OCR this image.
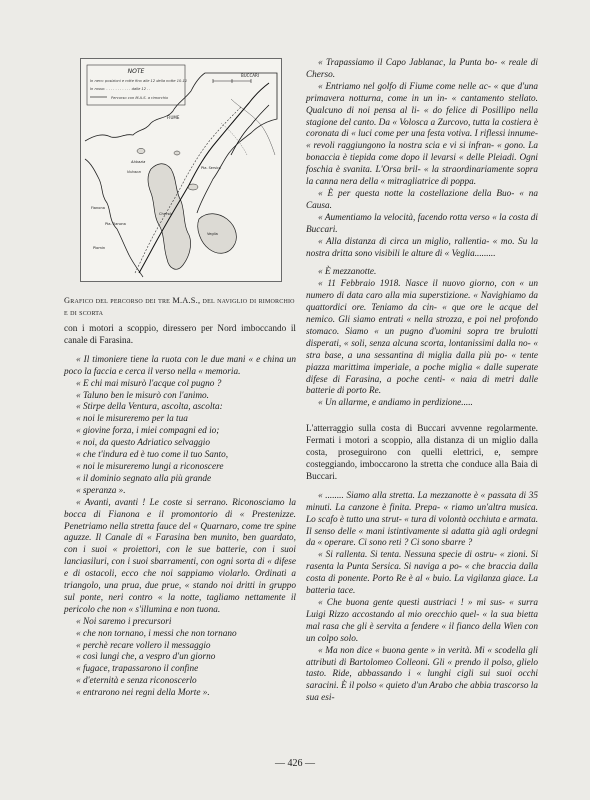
NOTE
In nero: posizioni e rotte fino alle 12 della notte 10-11
In rosso: . . . . . . . . . . . dalle 12 . .
Percorso con M.A.S. a rimorchio
BUCCARI
FIUME
Abbazia
Volosca
Fianona
Plomin
Pta. Sersica
Pta. Fianona
Chersò
Veglia
Grafico del percorso dei tre M.A.S., del naviglio di rimorchio e di scorta

con i motori a scoppio, diressero per Nord imboccando il canale di Farasina.

« Il timoniere tiene la ruota con le due mani « e china un poco la faccia e cerca il verso nella « memoria.

« E chi mai misurò l'acque col pugno ?

« Taluno ben le misurò con l'animo.

« Stirpe della Ventura, ascolta, ascolta:

« noi le misureremo per la tua

« giovine forza, i miei compagni ed io;

« noi, da questo Adriatico selvaggio

« che t'indura ed è tuo come il tuo Santo,

« noi le misureremo lungi a riconoscere

« il dominio segnato alla più grande

« speranza ».

« Avanti, avanti ! Le coste si serrano. Riconosciamo la bocca di Fianona e il promontorio di « Prestenizze. Penetriamo nella stretta fauce del « Quarnaro, come tre spine aguzze. Il Canale di « Farasina ben munito, ben guardato, con i suoi « proiettori, con le sue batterie, con i suoi lanciasiluri, con i suoi sbarramenti, con ogni sorta di « difese e di ostacoli, ecco che noi sappiamo violarlo. Ordinati a triangolo, una prua, due prue, « stando noi dritti in gruppo sul ponte, neri contro « la notte, tagliamo nettamente il pericolo che non « s'illumina e non tuona.

« Noi saremo i precursori

« che non tornano, i messi che non tornano

« perchè recare vollero il messaggio

« così lungi che, a vespro d'un giorno

« fugace, trapassarono il confine

« d'eternità e senza riconoscerlo

« entrarono nei regni della Morte ».

« Trapassiamo il Capo Jablanac, la Punta bo- « reale di Cherso.

« Entriamo nel golfo di Fiume come nelle ac- « que d'una primavera notturna, come in un in- « cantamento stellato. Qualcuno di noi pensa al li- « do felice di Posillipo nella stagione del canto. Da « Volosca a Zurcovo, tutta la costiera è coronata di « luci come per una festa votiva. I riflessi innume- « revoli raggiungono la nostra scia e vi si infran- « gono. La bonaccia è tiepida come dopo il levarsi « delle Pleiadi. Ogni foschia è svanita. L'Orsa bril- « la straordinariamente sopra la canna nera della « mitragliatrice di poppa.

« È per questa notte la costellazione della Buo- « na Causa.

« Aumentiamo la velocità, facendo rotta verso « la costa di Buccari.

« Alla distanza di circa un miglio, rallentia- « mo. Su la nostra dritta sono visibili le alture di « Veglia.........

« È mezzanotte.

« 11 Febbraio 1918. Nasce il nuovo giorno, con « un numero di data caro alla mia superstizione. « Navighiamo da quattordici ore. Teniamo da cin- « que ore le acque del nemico. Gli siamo entrati « nella strozza, e poi nel profondo stomaco. Siamo « un pugno d'uomini sopra tre brulotti disperati, « soli, senza alcuna scorta, lontanissimi dalla no- « stra base, a una sessantina di miglia dalla più po- « tente piazza marittima imperiale, a poche miglia « dalle superate difese di Farasina, a poche centi- « naia di metri dalle batterie di porto Re.

« Un allarme, e andiamo in perdizione.....

L'atterraggio sulla costa di Buccari avvenne regolarmente. Fermati i motori a scoppio, alla distanza di un miglio dalla costa, proseguirono con quelli elettrici, e, sempre costeggiando, imboccarono la stretta che conduce alla Baia di Buccari.

« ........ Siamo alla stretta. La mezzanotte è « passata di 35 minuti. La canzone è finita. Prepa- « riamo un'altra musica. Lo scafo è tutto una strut- « tura di volontà occhiuta e armata. Il senso delle « mani istintivamente si adatta già agli ordegni da « operare. Ci sono reti ? Ci sono sbarre ?

« Si rallenta. Si tenta. Nessuna specie di ostru- « zioni. Si rasenta la Punta Sersica. Si naviga a po- « che braccia dalla costa di ponente. Porto Re è al « buio. La vigilanza giace. La batteria tace.

« Che buona gente questi austriaci ! » mi sus- « surra Luigi Rizzo accostando al mio orecchio quel- « la sua bietta mal rasa che gli è servita a fendere « il fianco della Wien con un colpo solo.

« Ma non dice « buona gente » in verità. Mi « scodella gli attributi di Bartolomeo Colleoni. Gli « prendo il polso, glielo tasto. Ride, abbassando i « lunghi cigli sui suoi occhi saracini. È il polso « quieto d'un Arabo che abbia trascorso la sua esi-

— 426 —
